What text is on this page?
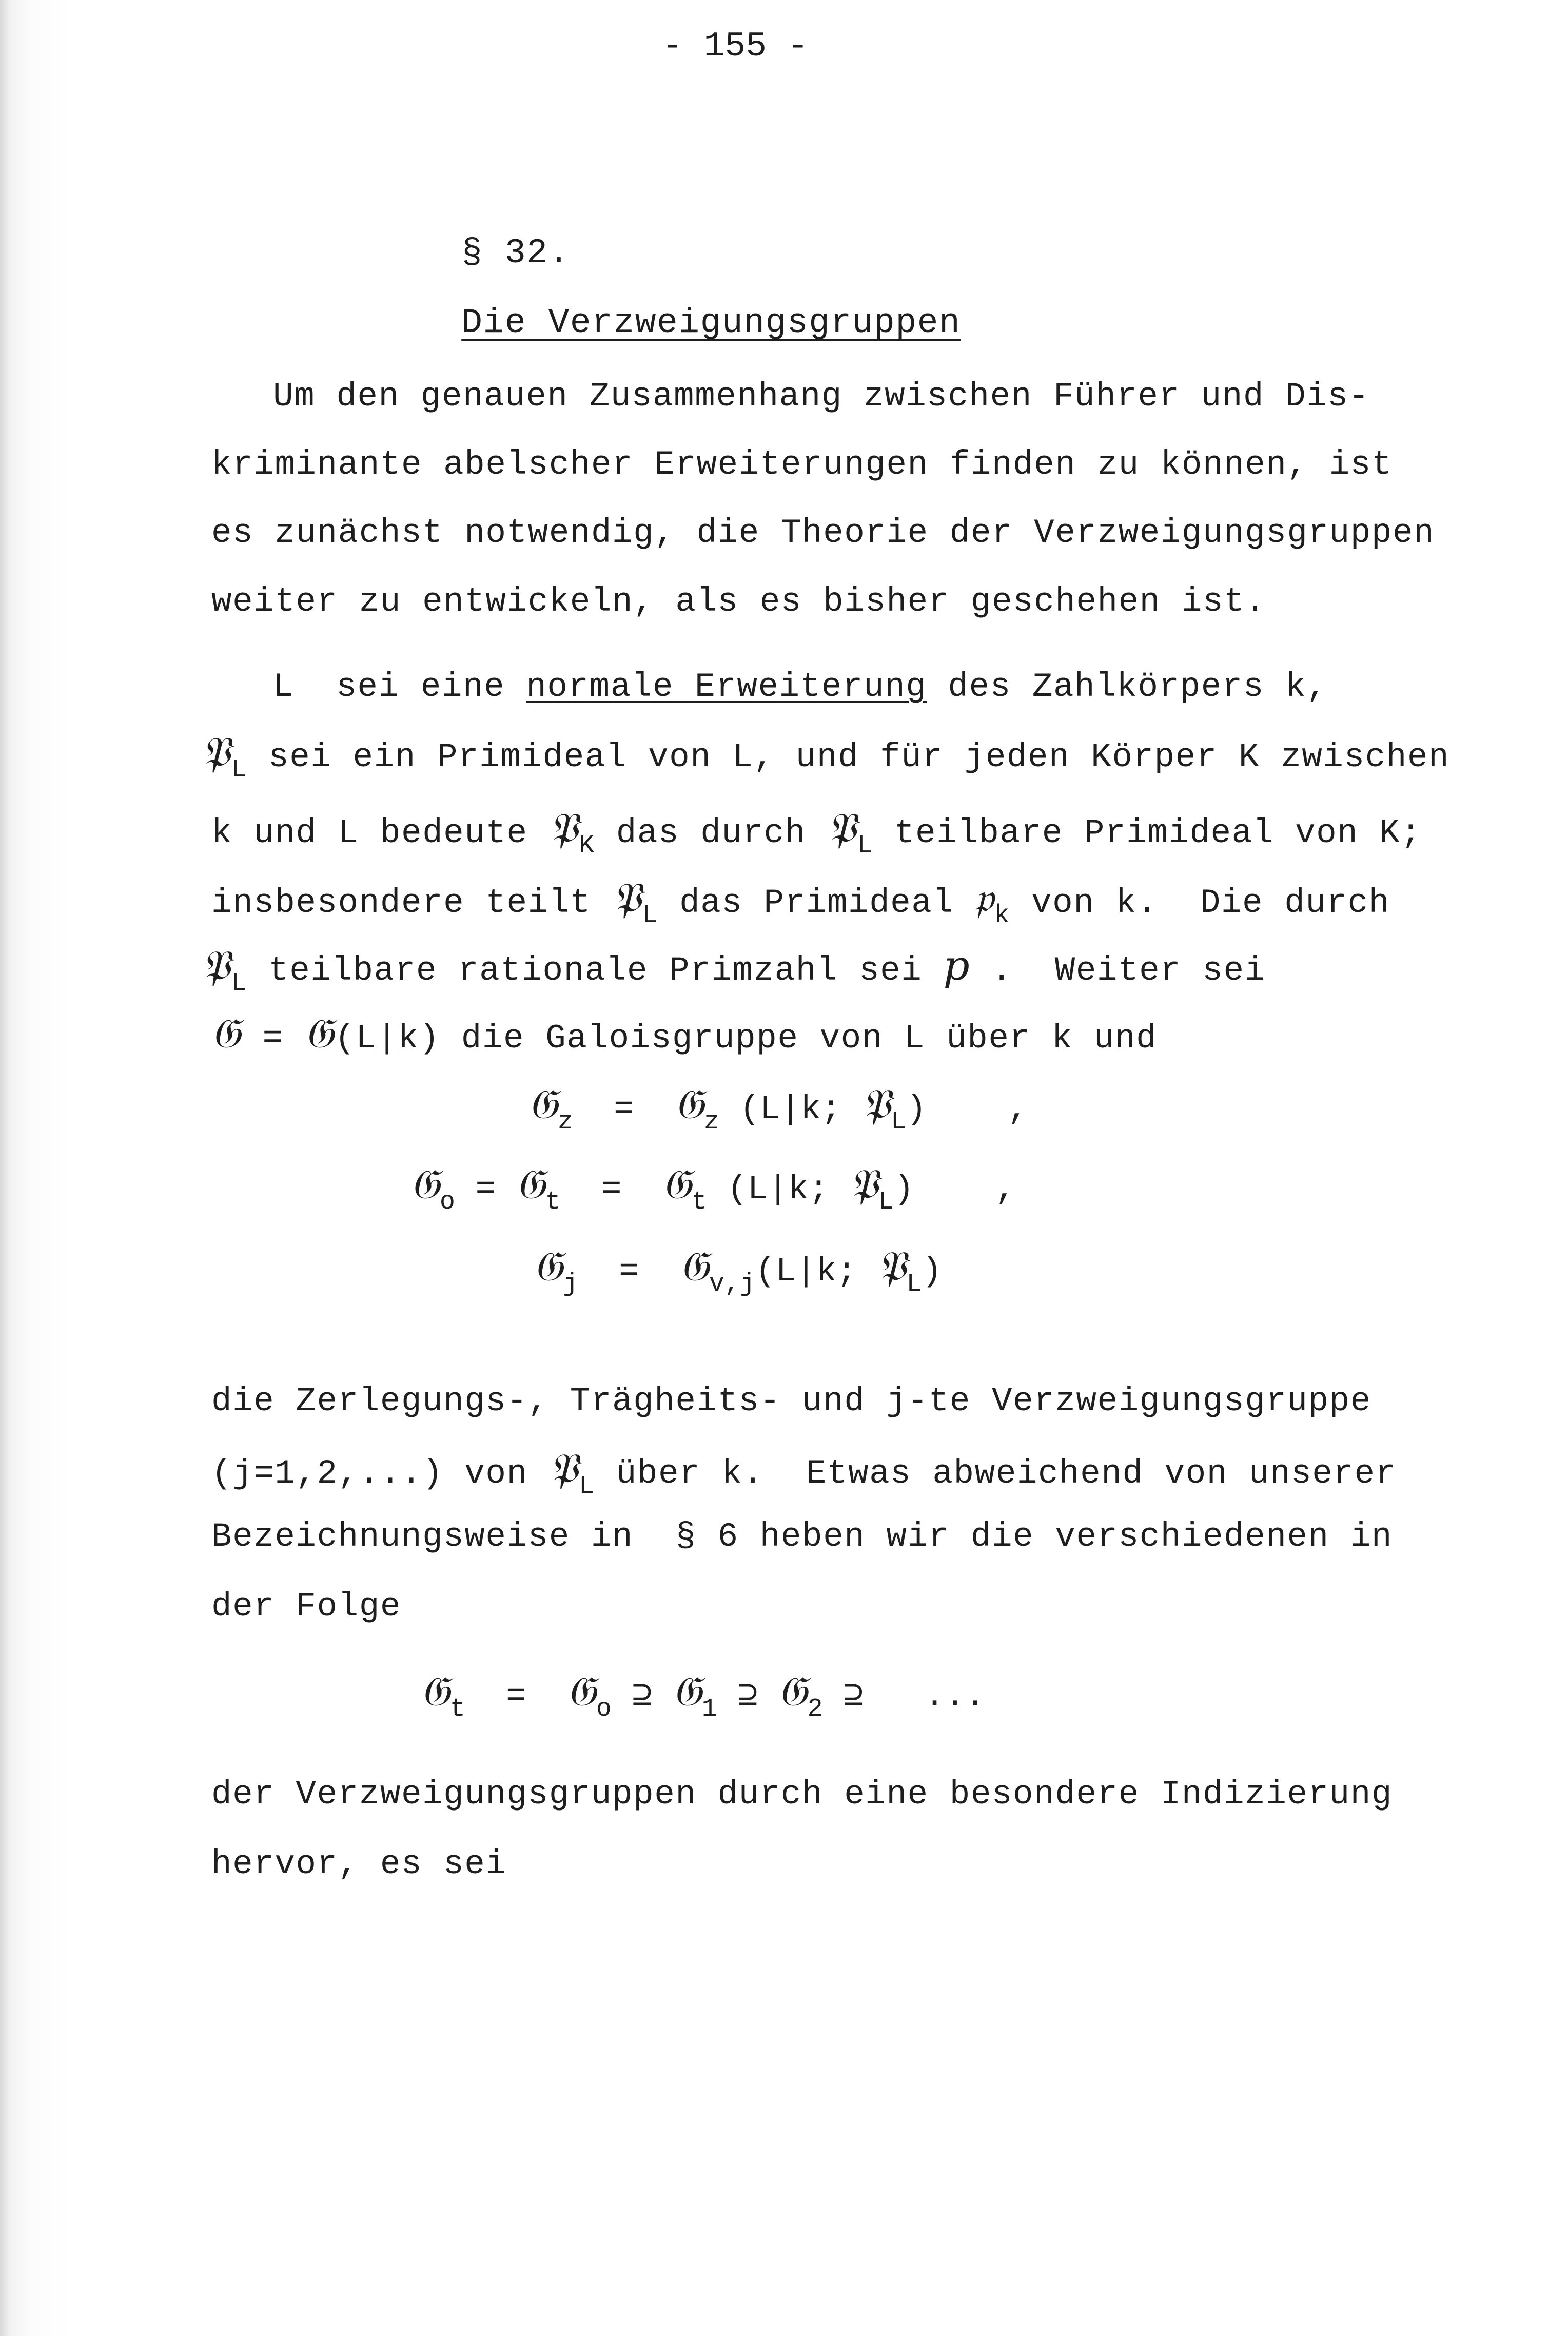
- 155 -

§ 32.

Die Verzweigungsgruppen

Um den genauen Zusammenhang zwischen Führer und Dis-
kriminante abelscher Erweiterungen finden zu können, ist
es zunächst notwendig, die Theorie der Verzweigungsgruppen
weiter zu entwickeln, als es bisher geschehen ist.
L  sei eine normale Erweiterung des Zahlkörpers k,
𝔓$_L$ sei ein Primideal von L, und für jeden Körper K zwischen
k und L bedeute 𝔓$_K$ das durch 𝔓$_L$ teilbare Primideal von K;
insbesondere teilt 𝔓$_L$ das Primideal 𝔭$_k$ von k.  Die durch
𝔓$_L$ teilbare rationale Primzahl sei p .  Weiter sei
𝔊 = 𝔊(L|k) die Galoisgruppe von L über k und
𝔊$_z$  =  𝔊$_z$ (L|k; 𝔓$_L$)    ,
𝔊$_o$ = 𝔊$_t$  =  𝔊$_t$ (L|k; 𝔓$_L$)    ,
𝔊$_j$  =  𝔊$_{v,j}$(L|k; 𝔓$_L$)
die Zerlegungs-, Trägheits- und j-te Verzweigungsgruppe
(j=1,2,...) von 𝔓$_L$ über k.  Etwas abweichend von unserer
Bezeichnungsweise in  § 6 heben wir die verschiedenen in
der Folge
𝔊$_t$  =  𝔊$_o$ ⊇ 𝔊$_1$ ⊇ 𝔊$_2$ ⊇   ...
der Verzweigungsgruppen durch eine besondere Indizierung
hervor, es sei
